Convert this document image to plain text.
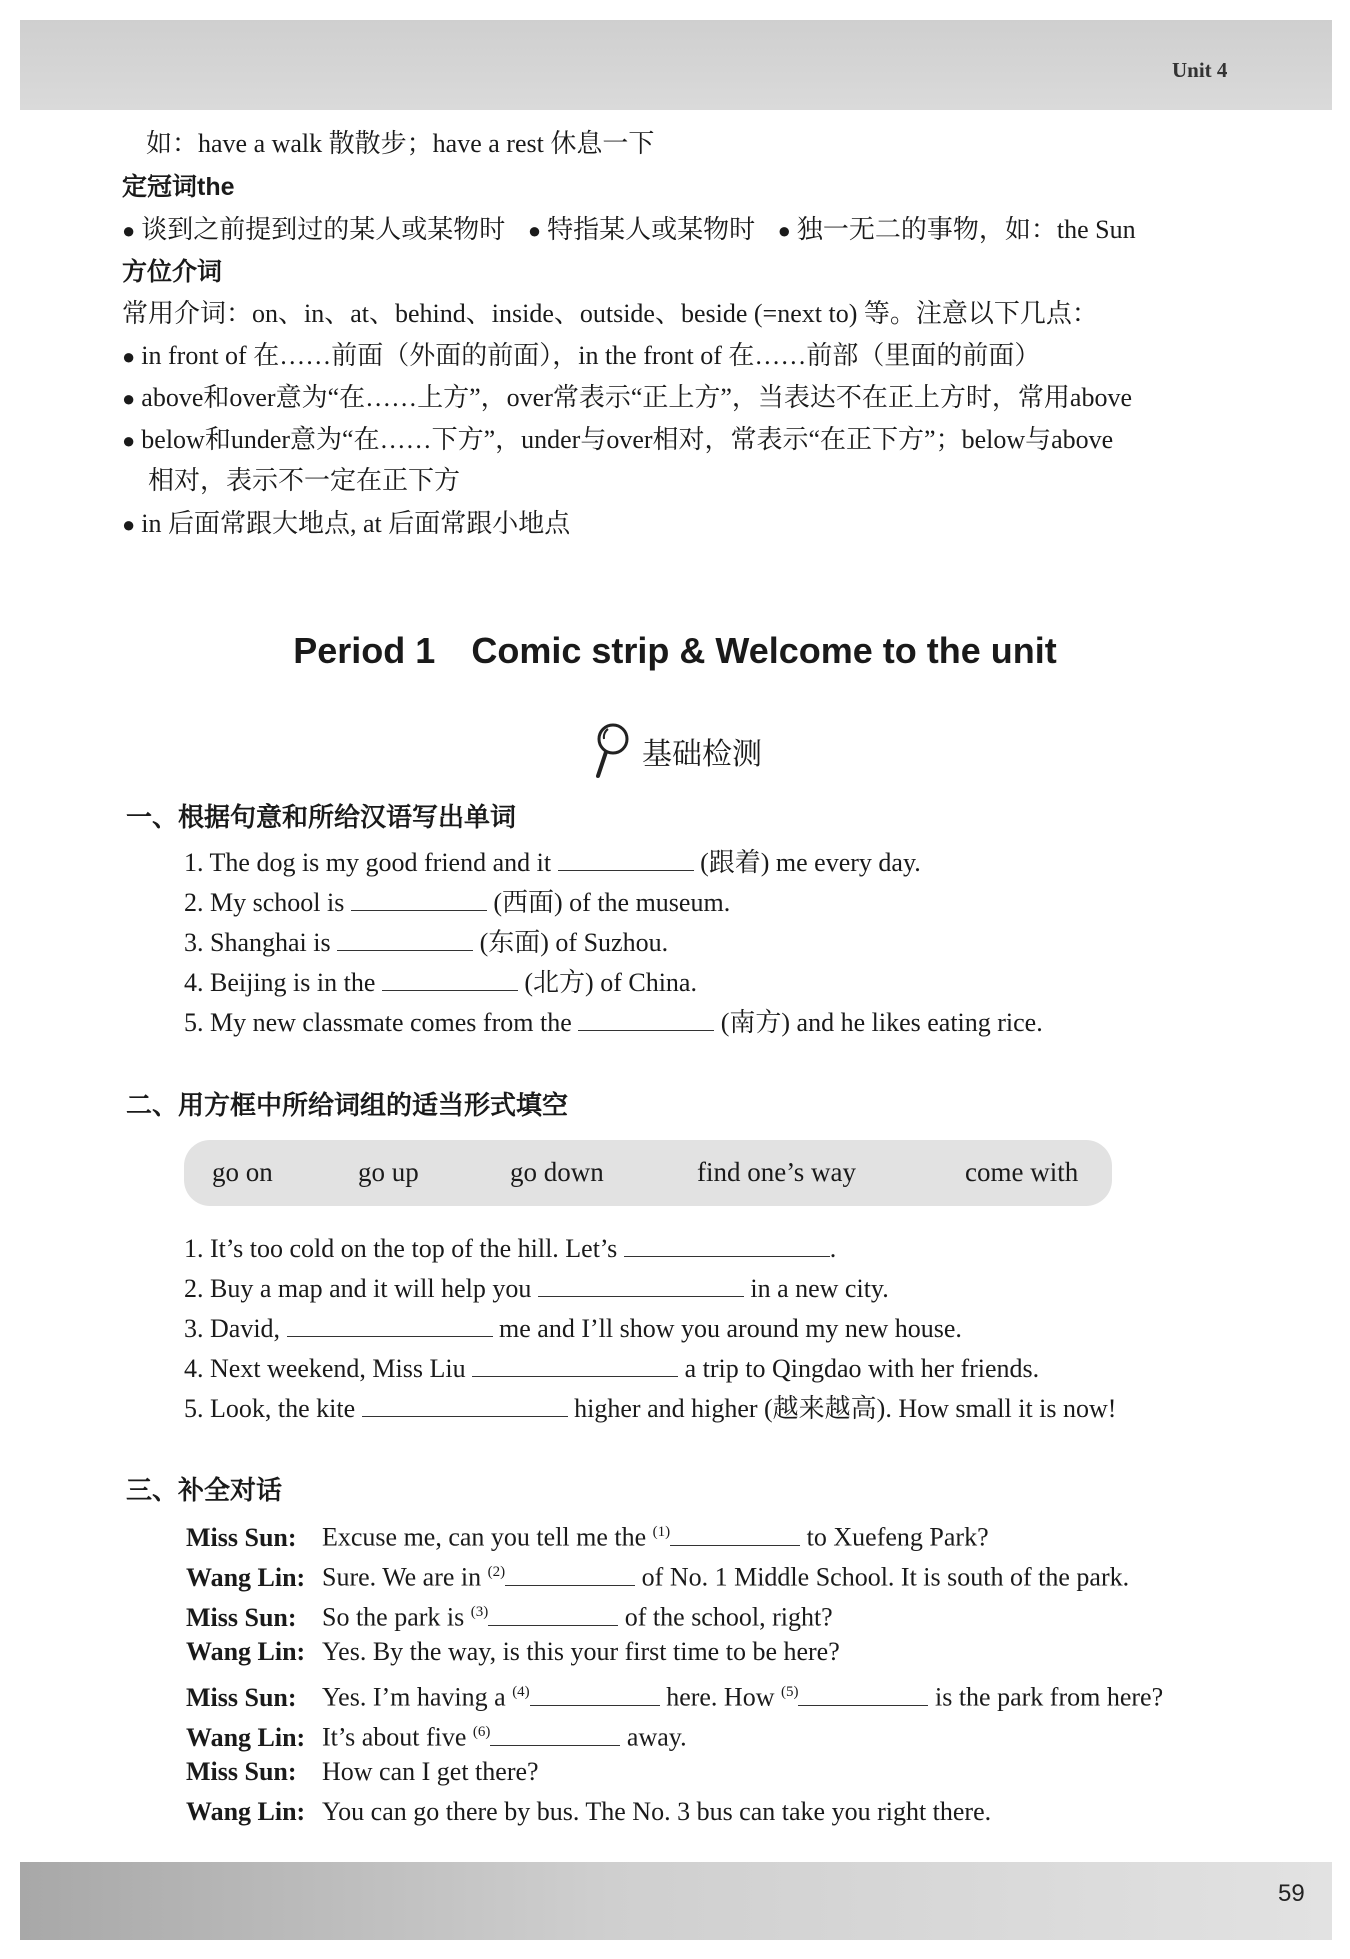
Unit 4
59
如：have a walk 散散步；have a rest 休息一下
定冠词the
● 谈到之前提到过的某人或某物时 ● 特指某人或某物时 ● 独一无二的事物，如：the Sun
方位介词
常用介词：on、in、at、behind、inside、outside、beside (=next to) 等。注意以下几点：
● in front of 在……前面（外面的前面），in the front of 在……前部（里面的前面）
● above和over意为“在……上方”，over常表示“正上方”，当表达不在正上方时，常用above
● below和under意为“在……下方”，under与over相对，常表示“在正下方”；below与above
相对，表示不一定在正下方
● in 后面常跟大地点, at 后面常跟小地点
Period 1 Comic strip & Welcome to the unit
基础检测
一、根据句意和所给汉语写出单词
1. The dog is my good friend and it	(跟着) me every day.
2. My school is	(西面) of the museum.
3. Shanghai is	(东面) of Suzhou.
4. Beijing is in the	(北方) of China.
5. My new classmate comes from the	(南方) and he likes eating rice.
二、用方框中所给词组的适当形式填空
go on	go up	go down	find one’s way	come with
1. It’s too cold on the top of the hill. Let’s	.
2. Buy a map and it will help you	in a new city.
3. David,	me and I’ll show you around my new house.
4. Next weekend, Miss Liu	a trip to Qingdao with her friends.
5. Look, the kite	higher and higher (越来越高). How small it is now!
三、补全对话
Miss Sun: Excuse me, can you tell me the $^{(1)}$	to Xuefeng Park?
Wang Lin: Sure. We are in $^{(2)}$	of No. 1 Middle School. It is south of the park.
Miss Sun: So the park is $^{(3)}$	of the school, right?
Wang Lin: Yes. By the way, is this your first time to be here?
Miss Sun: Yes. I’m having a $^{(4)}$	here. How $^{(5)}$	is the park from here?
Wang Lin: It’s about five $^{(6)}$	away.
Miss Sun: How can I get there?
Wang Lin: You can go there by bus. The No. 3 bus can take you right there.
